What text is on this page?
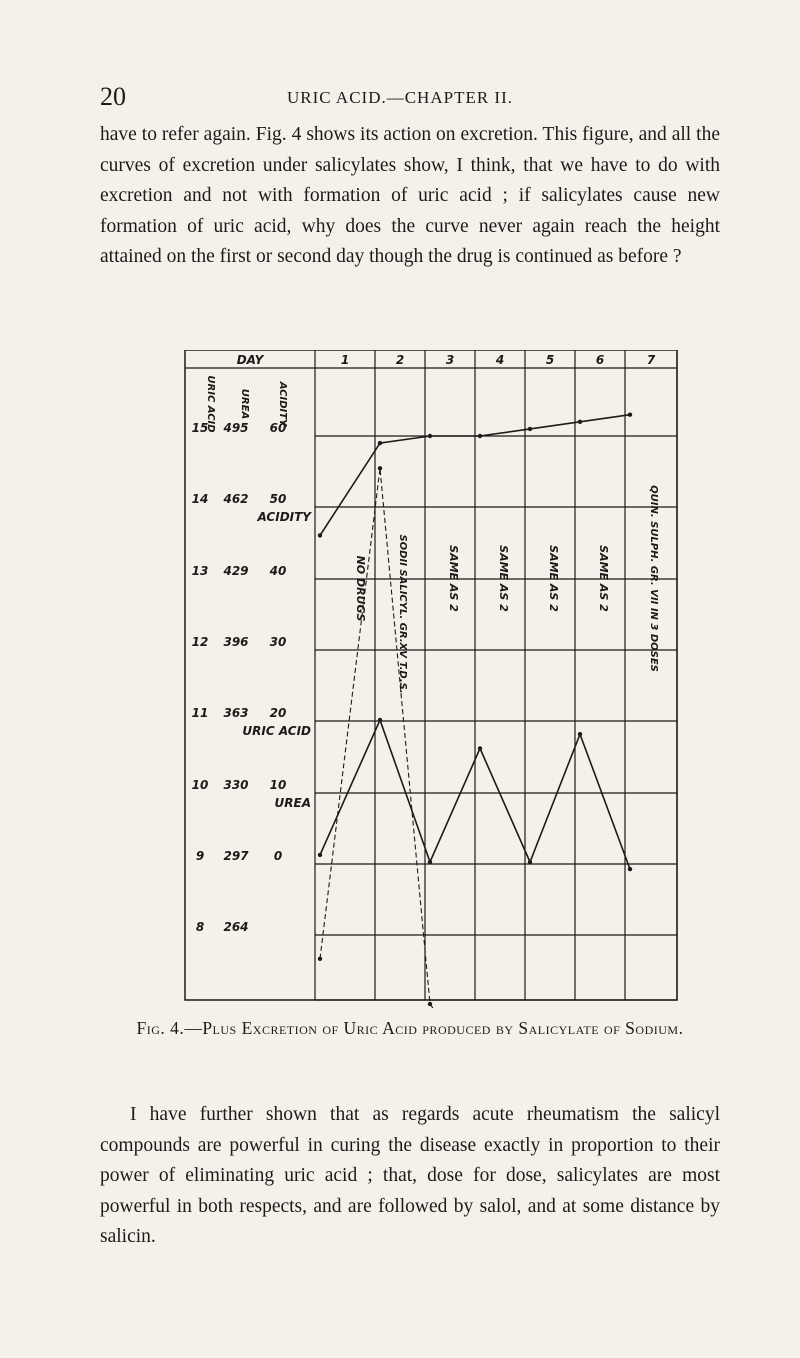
20	URIC ACID.—CHAPTER II.

have to refer again. Fig. 4 shows its action on excretion. This figure, and all the curves of excretion under salicylates show, I think, that we have to do with excretion and not with formation of uric acid ; if salicylates cause new formation of uric acid, why does the curve never again reach the height attained on the first or second day though the drug is continued as before ?

DAY	1	2	3	4	5	6	7
URIC ACID UREA	ACIDITY
15 495 60
14 462 50
13 429 40
12 396 30
11 363 20
10 330 10
9 297 0
8 264
ACIDITY
URIC ACID
UREA
NO DRUGS	SODII SALICYL. GR.XV T.D.S.	SAME AS 2	SAME AS 2	SAME AS 2	SAME AS 2	QUIN. SULPH. GR. VII IN 3 DOSES

Fig. 4.—Plus Excretion of Uric Acid produced by Salicylate of Sodium.

I have further shown that as regards acute rheumatism the salicyl compounds are powerful in curing the disease exactly in proportion to their power of eliminating uric acid ; that, dose for dose, salicylates are most powerful in both respects, and are followed by salol, and at some distance by salicin.
